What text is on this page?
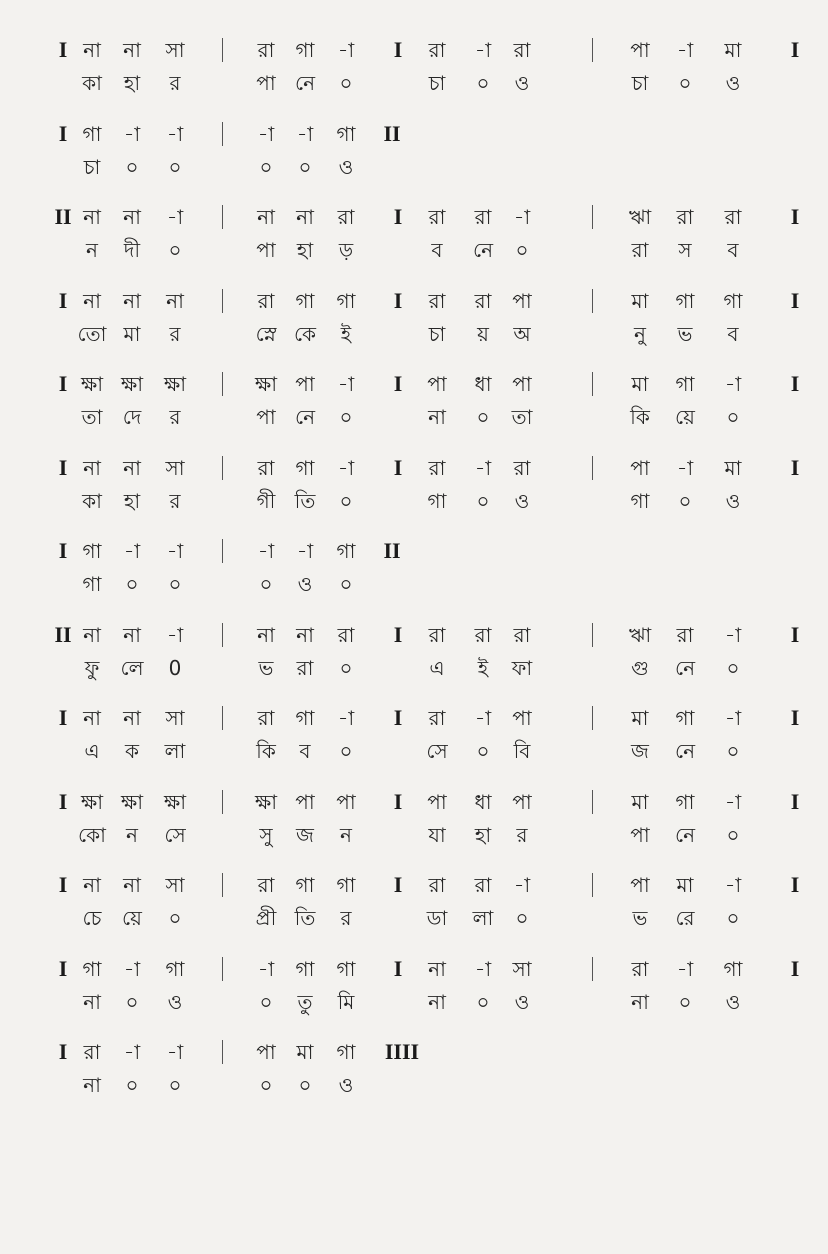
I না না সা	রা গা -া	রা -া রা	পা -া মা
I	I
কা হা র	পা নে ০	চা ০ ও	চা ০ ও
I গা -া -া	-া -া গা II
চা ০ ০	০ ০ ও
II না না -া	না না রা	রা রা -া	ঋা রা রা
I	I
ন দী ০	পা হা ড়	ব নে ০	রা স ব
I না না না	রা গা গা	রা রা পা	মা গা গা
I	I
তো মা র	স্নে কে ই	চা য় অ	নু ভ ব
I ক্ষা ক্ষা ক্ষা	ক্ষা পা -া	পা ধা পা	মা গা -া
I	I
তা দে র	পা নে ০	না ০ তা	কি য়ে ০
I না না সা	রা গা -া	রা -া রা	পা -া মা
I	I
কা হা র	গী তি ০	গা ০ ও	গা ০ ও
I গা -া -া	-া -া গা II
গা ০ ০	০ ও ০
II না না -া	না না রা	রা রা রা	ঋা রা -া
I	I
ফু লে 0	ভ রা ০	এ ই ফা	গু নে ০
I না না সা	রা গা -া	রা -া পা	মা গা -া
I	I
এ ক লা	কি ব ০	সে ০ বি	জ নে ০
I ক্ষা ক্ষা ক্ষা	ক্ষা পা পা	পা ধা পা	মা গা -া
I	I
কো ন সে	সু জ ন	যা হা র	পা নে ০
I না না সা	রা গা গা	রা রা -া	পা মা -া
I	I
চে য়ে ০	প্রী তি র	ডা লা ০	ভ রে ০
I গা -া গা	-া গা গা	না -া সা	রা -া গা
I	I
না ০ ও	০ তু মি	না ০ ও	না ০ ও
I রা -া -া	পা মা গা IIII
না ০ ০	০ ০ ও
